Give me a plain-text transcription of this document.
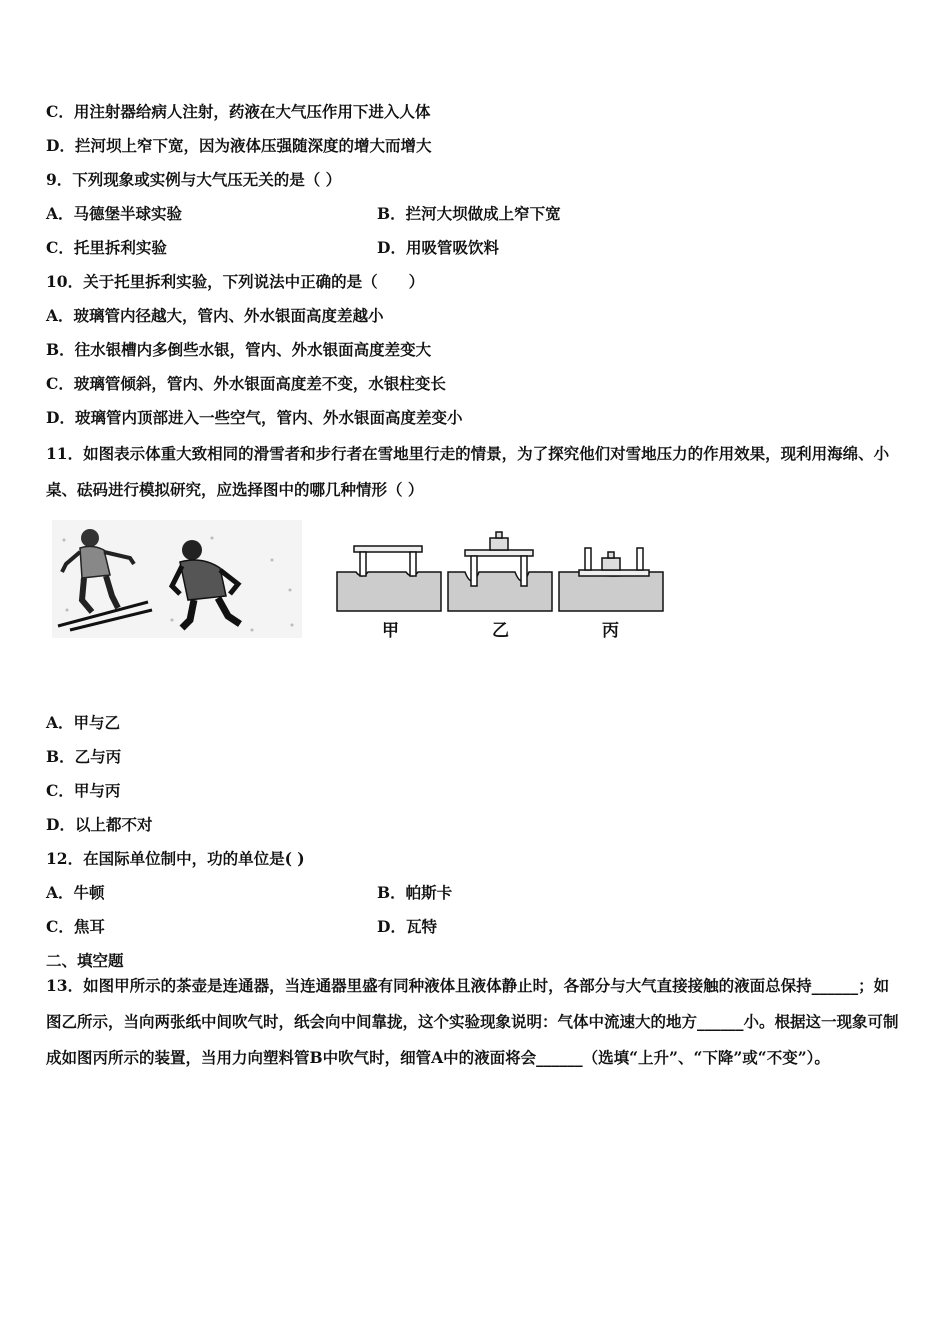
C．用注射器给病人注射，药液在大气压作用下进入人体
D．拦河坝上窄下宽，因为液体压强随深度的增大而增大
9．下列现象或实例与大气压无关的是（ ）
A．马德堡半球实验	B．拦河大坝做成上窄下宽
C．托里拆利实验	D．用吸管吸饮料
10．关于托里拆利实验，下列说法中正确的是（　　）
A．玻璃管内径越大，管内、外水银面高度差越小
B．往水银槽内多倒些水银，管内、外水银面高度差变大
C．玻璃管倾斜，管内、外水银面高度差不变，水银柱变长
D．玻璃管内顶部进入一些空气，管内、外水银面高度差变小
11．如图表示体重大致相同的滑雪者和步行者在雪地里行走的情景，为了探究他们对雪地压力的作用效果，现利用海绵、小桌、砝码进行模拟研究，应选择图中的哪几种情形（ ）
甲	乙	丙
A．甲与乙
B．乙与丙
C．甲与丙
D．以上都不对
12．在国际单位制中，功的单位是( )
A．牛顿	B．帕斯卡
C．焦耳	D．瓦特
二、填空题
13．如图甲所示的茶壶是连通器，当连通器里盛有同种液体且液体静止时，各部分与大气直接接触的液面总保持______；如图乙所示，当向两张纸中间吹气时，纸会向中间靠拢，这个实验现象说明：气体中流速大的地方______小。根据这一现象可制成如图丙所示的装置，当用力向塑料管B中吹气时，细管A中的液面将会______（选填“上升”、“下降”或“不变”）。
